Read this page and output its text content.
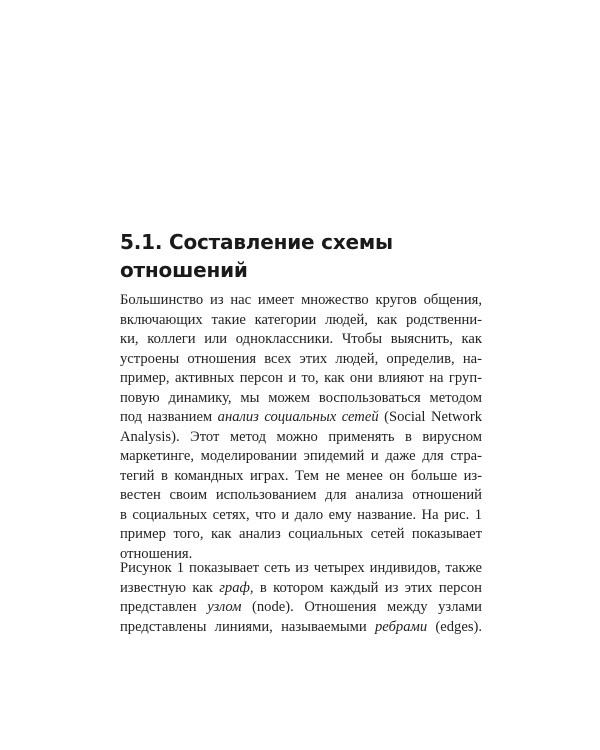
5.1. Составление схемы
отношений
Большинство из нас имеет множество кругов общения,
включающих такие категории людей, как родственни-
ки, коллеги или одноклассники. Чтобы выяснить, как
устроены отношения всех этих людей, определив, на-
пример, активных персон и то, как они влияют на груп-
повую динамику, мы можем воспользоваться методом
под названием анализ социальных сетей (Social Network
Analysis). Этот метод можно применять в вирусном
маркетинге, моделировании эпидемий и даже для стра-
тегий в командных играх. Тем не менее он больше из-
вестен своим использованием для анализа отношений
в социальных сетях, что и дало ему название. На рис. 1
пример того, как анализ социальных сетей показывает
отношения.
Рисунок 1 показывает сеть из четырех индивидов, также
известную как граф, в котором каждый из этих персон
представлен узлом (node). Отношения между узлами
представлены линиями, называемыми ребрами (edges).
